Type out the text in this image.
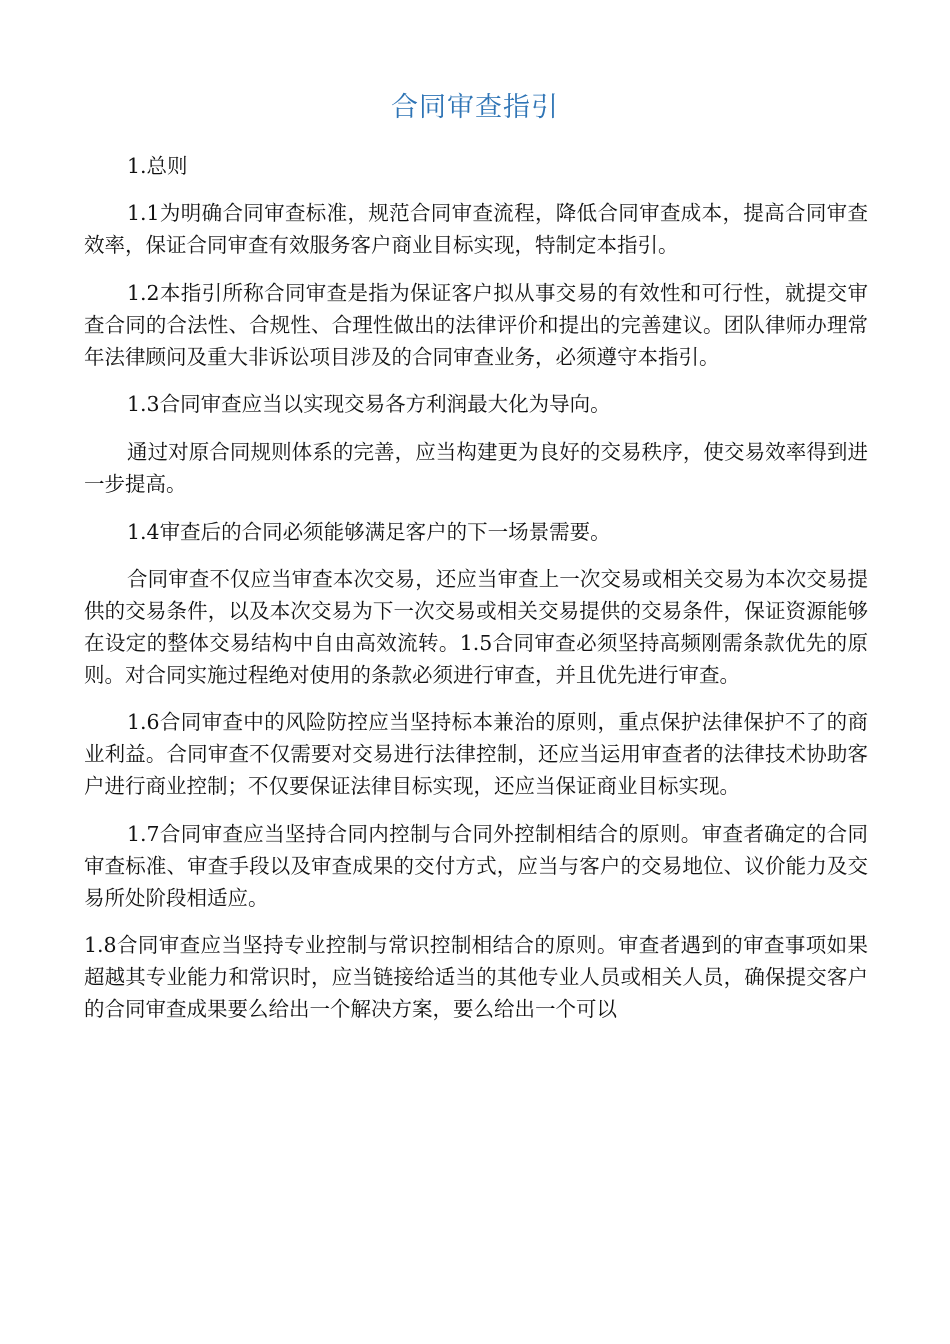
合同审查指引

1.总则

1.1为明确合同审查标准，规范合同审查流程，降低合同审查成本，提高合同审查效率，保证合同审查有效服务客户商业目标实现，特制定本指引。

1.2本指引所称合同审查是指为保证客户拟从事交易的有效性和可行性，就提交审查合同的合法性、合规性、合理性做出的法律评价和提出的完善建议。团队律师办理常年法律顾问及重大非诉讼项目涉及的合同审查业务，必须遵守本指引。

1.3合同审查应当以实现交易各方利润最大化为导向。

通过对原合同规则体系的完善，应当构建更为良好的交易秩序，使交易效率得到进一步提高。

1.4审查后的合同必须能够满足客户的下一场景需要。

合同审查不仅应当审查本次交易，还应当审查上一次交易或相关交易为本次交易提供的交易条件，以及本次交易为下一次交易或相关交易提供的交易条件，保证资源能够在设定的整体交易结构中自由高效流转。1.5合同审查必须坚持高频刚需条款优先的原则。对合同实施过程绝对使用的条款必须进行审查，并且优先进行审查。

1.6合同审查中的风险防控应当坚持标本兼治的原则，重点保护法律保护不了的商业利益。合同审查不仅需要对交易进行法律控制，还应当运用审查者的法律技术协助客户进行商业控制；不仅要保证法律目标实现，还应当保证商业目标实现。

1.7合同审查应当坚持合同内控制与合同外控制相结合的原则。审查者确定的合同审查标准、审查手段以及审查成果的交付方式，应当与客户的交易地位、议价能力及交易所处阶段相适应。

1.8合同审查应当坚持专业控制与常识控制相结合的原则。审查者遇到的审查事项如果超越其专业能力和常识时，应当链接给适当的其他专业人员或相关人员，确保提交客户的合同审查成果要么给出一个解决方案，要么给出一个可以
